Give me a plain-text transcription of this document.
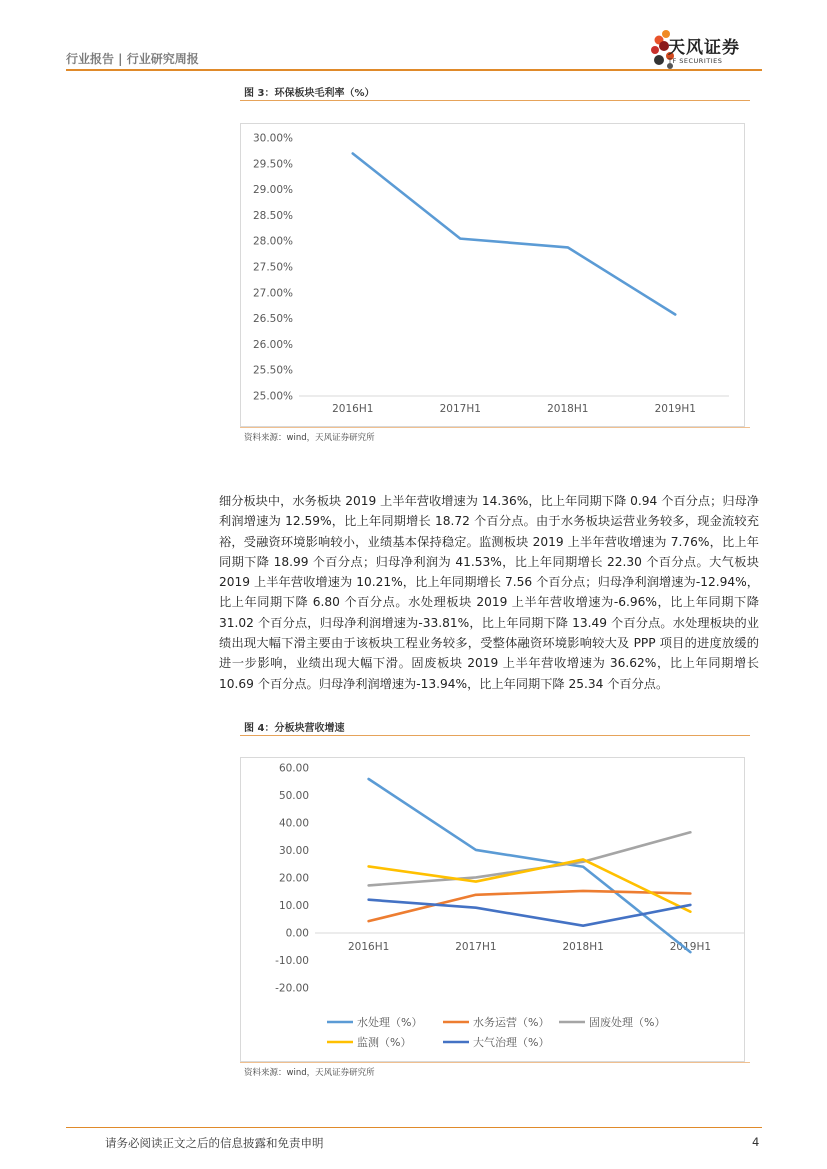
行业报告 | 行业研究周报
天风证券
TF SECURITIES
图 3：环保板块毛利率（%）
25.00%
25.50%
26.00%
26.50%
27.00%
27.50%
28.00%
28.50%
29.00%
29.50%
30.00%
2016H1	2017H1	2018H1	2019H1
资料来源：wind，天风证券研究所
细分板块中，水务板块 2019 上半年营收增速为 14.36%，比上年同期下降 0.94 个百分点；归母净利润增速为 12.59%，比上年同期增长 18.72 个百分点。由于水务板块运营业务较多，现金流较充裕，受融资环境影响较小，业绩基本保持稳定。监测板块 2019 上半年营收增速为 7.76%，比上年同期下降 18.99 个百分点；归母净利润为 41.53%，比上年同期增长 22.30 个百分点。大气板块 2019 上半年营收增速为 10.21%，比上年同期增长 7.56 个百分点；归母净利润增速为-12.94%，比上年同期下降 6.80 个百分点。水处理板块 2019 上半年营收增速为-6.96%，比上年同期下降 31.02 个百分点，归母净利润增速为-33.81%，比上年同期下降 13.49 个百分点。水处理板块的业绩出现大幅下滑主要由于该板块工程业务较多，受整体融资环境影响较大及 PPP 项目的进度放缓的进一步影响，业绩出现大幅下滑。固废板块 2019 上半年营收增速为 36.62%，比上年同期增长 10.69 个百分点。归母净利润增速为-13.94%，比上年同期下降 25.34 个百分点。
图 4：分板块营收增速
60.00
50.00
40.00
30.00
20.00
10.00
0.00
-10.00
-20.00
2016H1	2017H1	2018H1	2019H1
水处理（%）	水务运营（%）	固废处理（%）
监测（%）	大气治理（%）
资料来源：wind，天风证券研究所
请务必阅读正文之后的信息披露和免责申明	4
